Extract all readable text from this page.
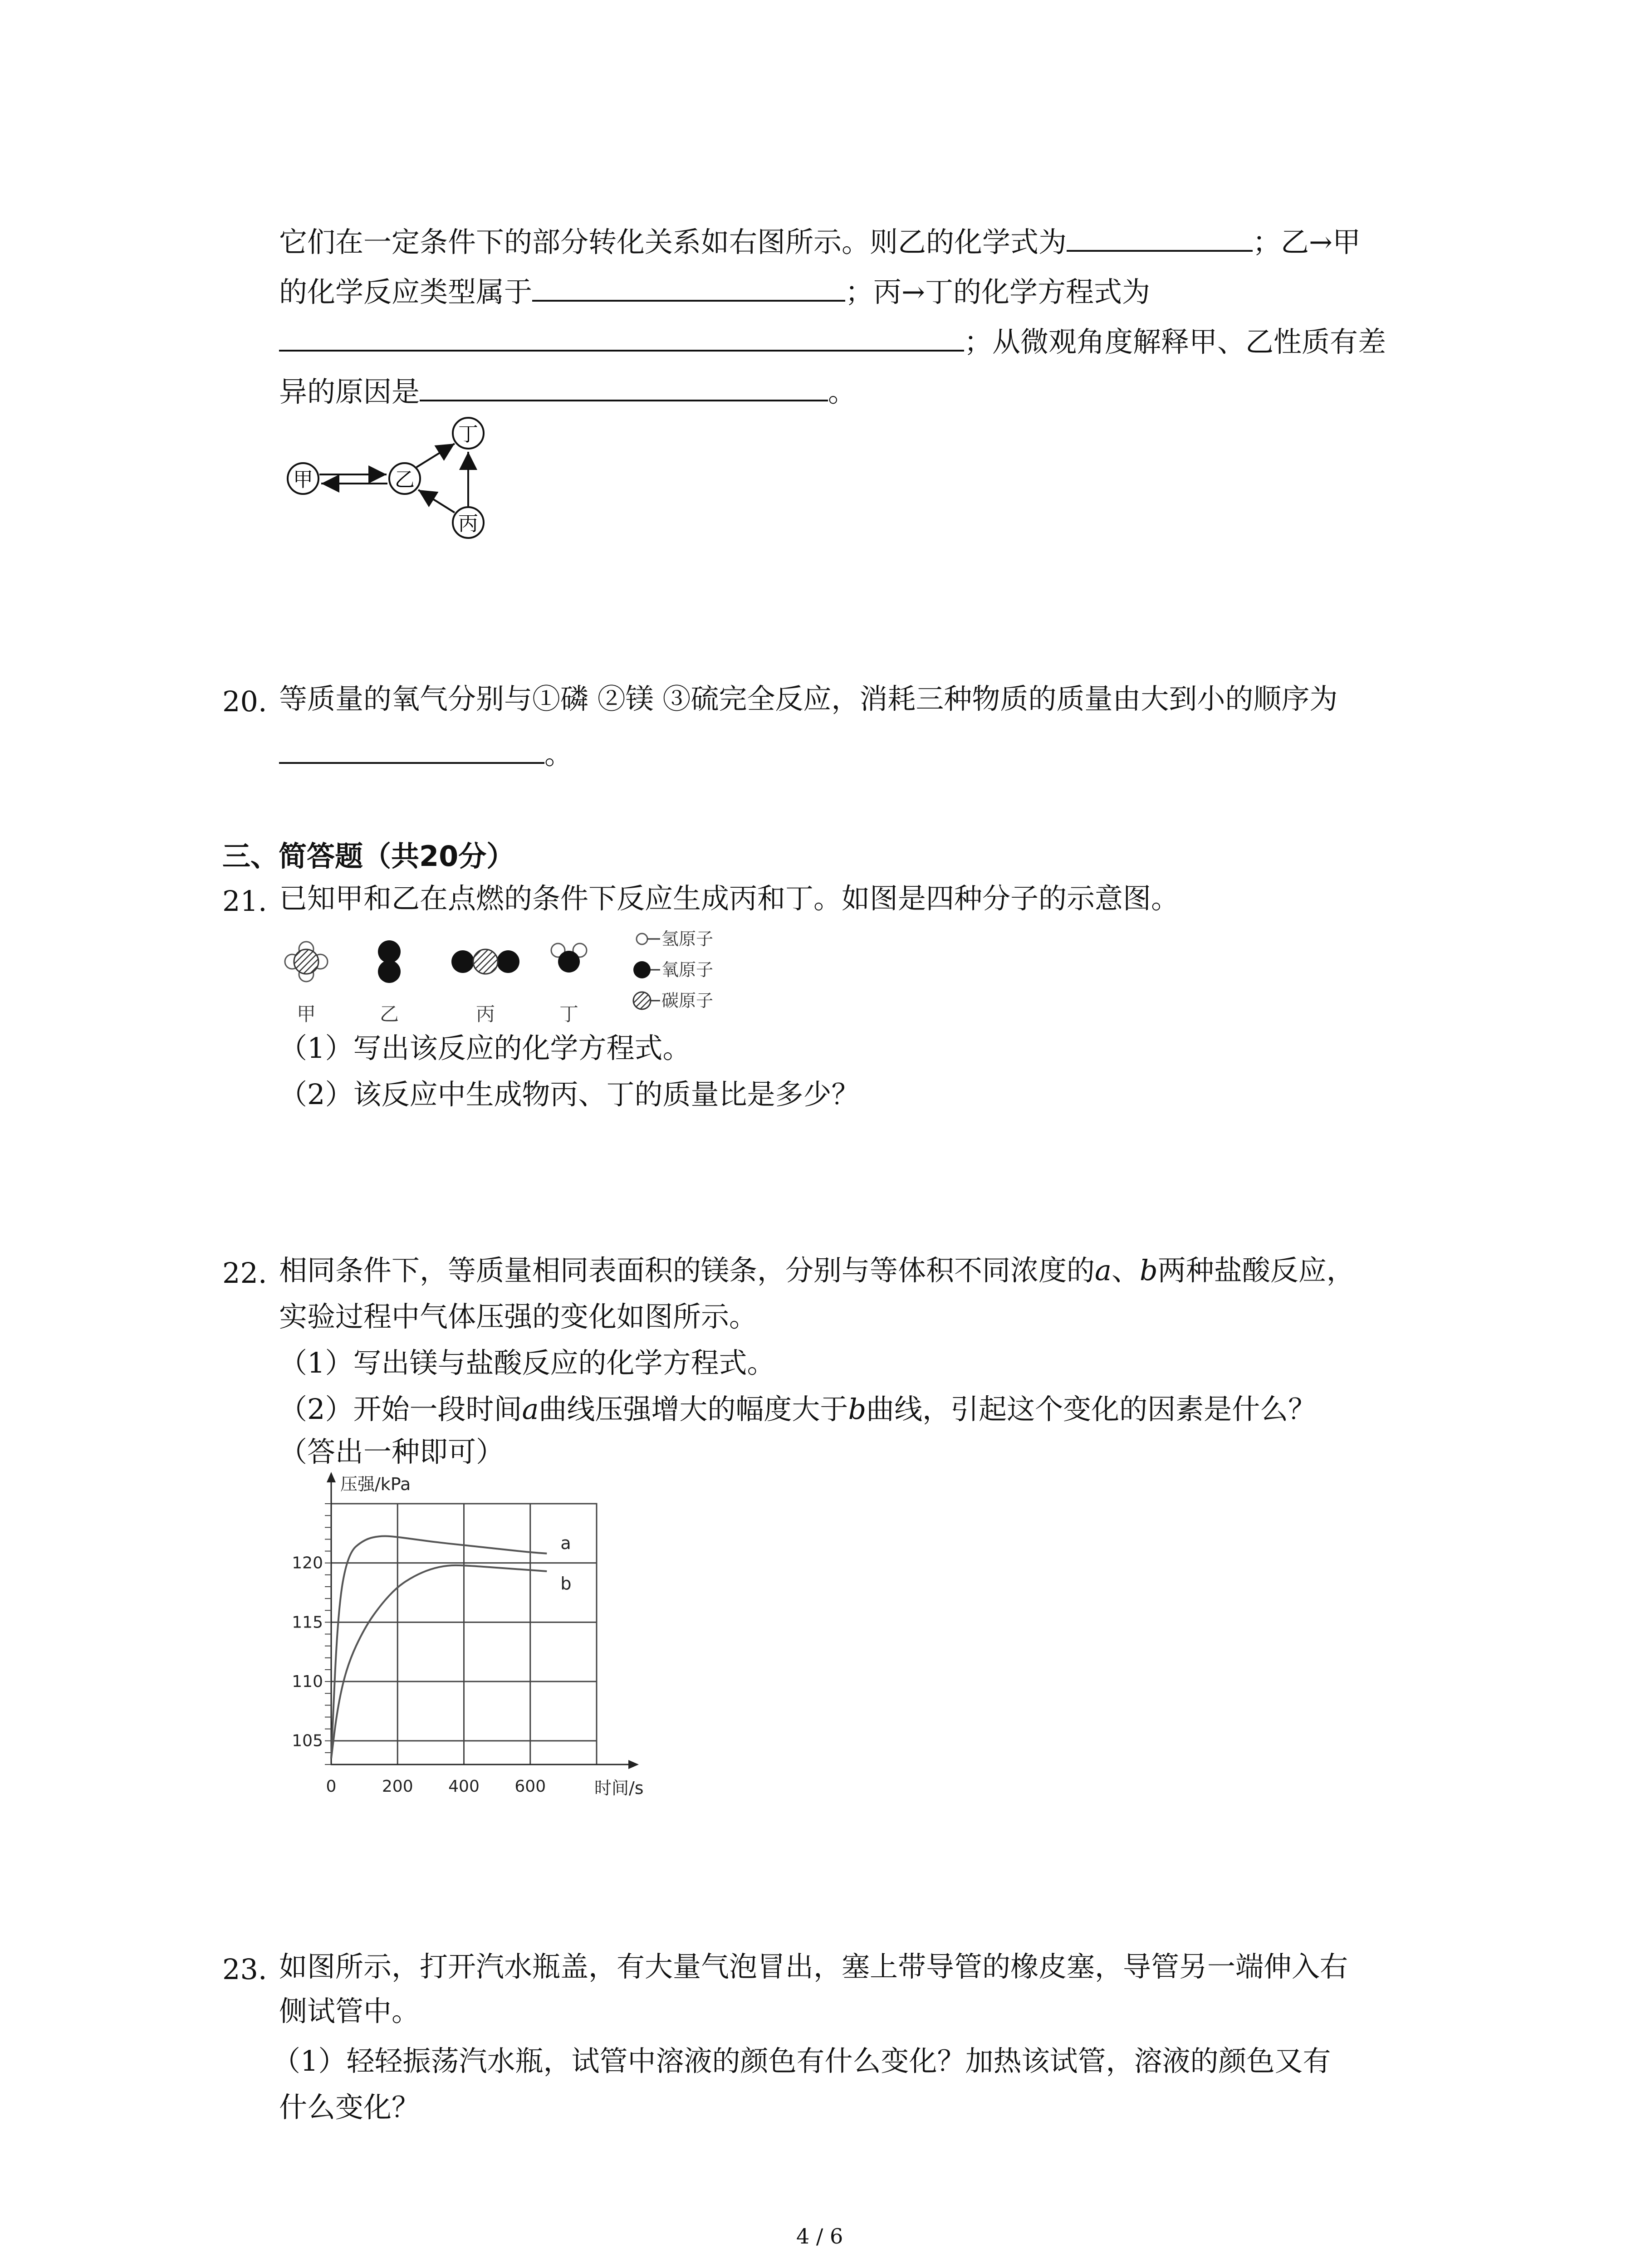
它们在一定条件下的部分转化关系如右图所示。则乙的化学式为	；乙→甲
的化学反应类型属于	；丙→丁的化学方程式为
；从微观角度解释甲、乙性质有差
异的原因是	。
甲	乙
丁
丙
20. 等质量的氧气分别与①磷 ②镁 ③硫完全反应，消耗三种物质的质量由大到小的顺序为
。
三、简答题（共20分）
21. 已知甲和乙在点燃的条件下反应生成丙和丁。如图是四种分子的示意图。
甲	乙	丙	丁
氢原子
氧原子
碳原子
（1）写出该反应的化学方程式。
（2）该反应中生成物丙、丁的质量比是多少？
22. 相同条件下，等质量相同表面积的镁条，分别与等体积不同浓度的a、b两种盐酸反应，
实验过程中气体压强的变化如图所示。
（1）写出镁与盐酸反应的化学方程式。
（2）开始一段时间a曲线压强增大的幅度大于b曲线，引起这个变化的因素是什么？
（答出一种即可）
105
110
115
120
0	200 400 600
a
b
压强/kPa
时间/s
23. 如图所示，打开汽水瓶盖，有大量气泡冒出，塞上带导管的橡皮塞，导管另一端伸入右
侧试管中。
（1）轻轻振荡汽水瓶，试管中溶液的颜色有什么变化？加热该试管，溶液的颜色又有
什么变化？
4 / 6
